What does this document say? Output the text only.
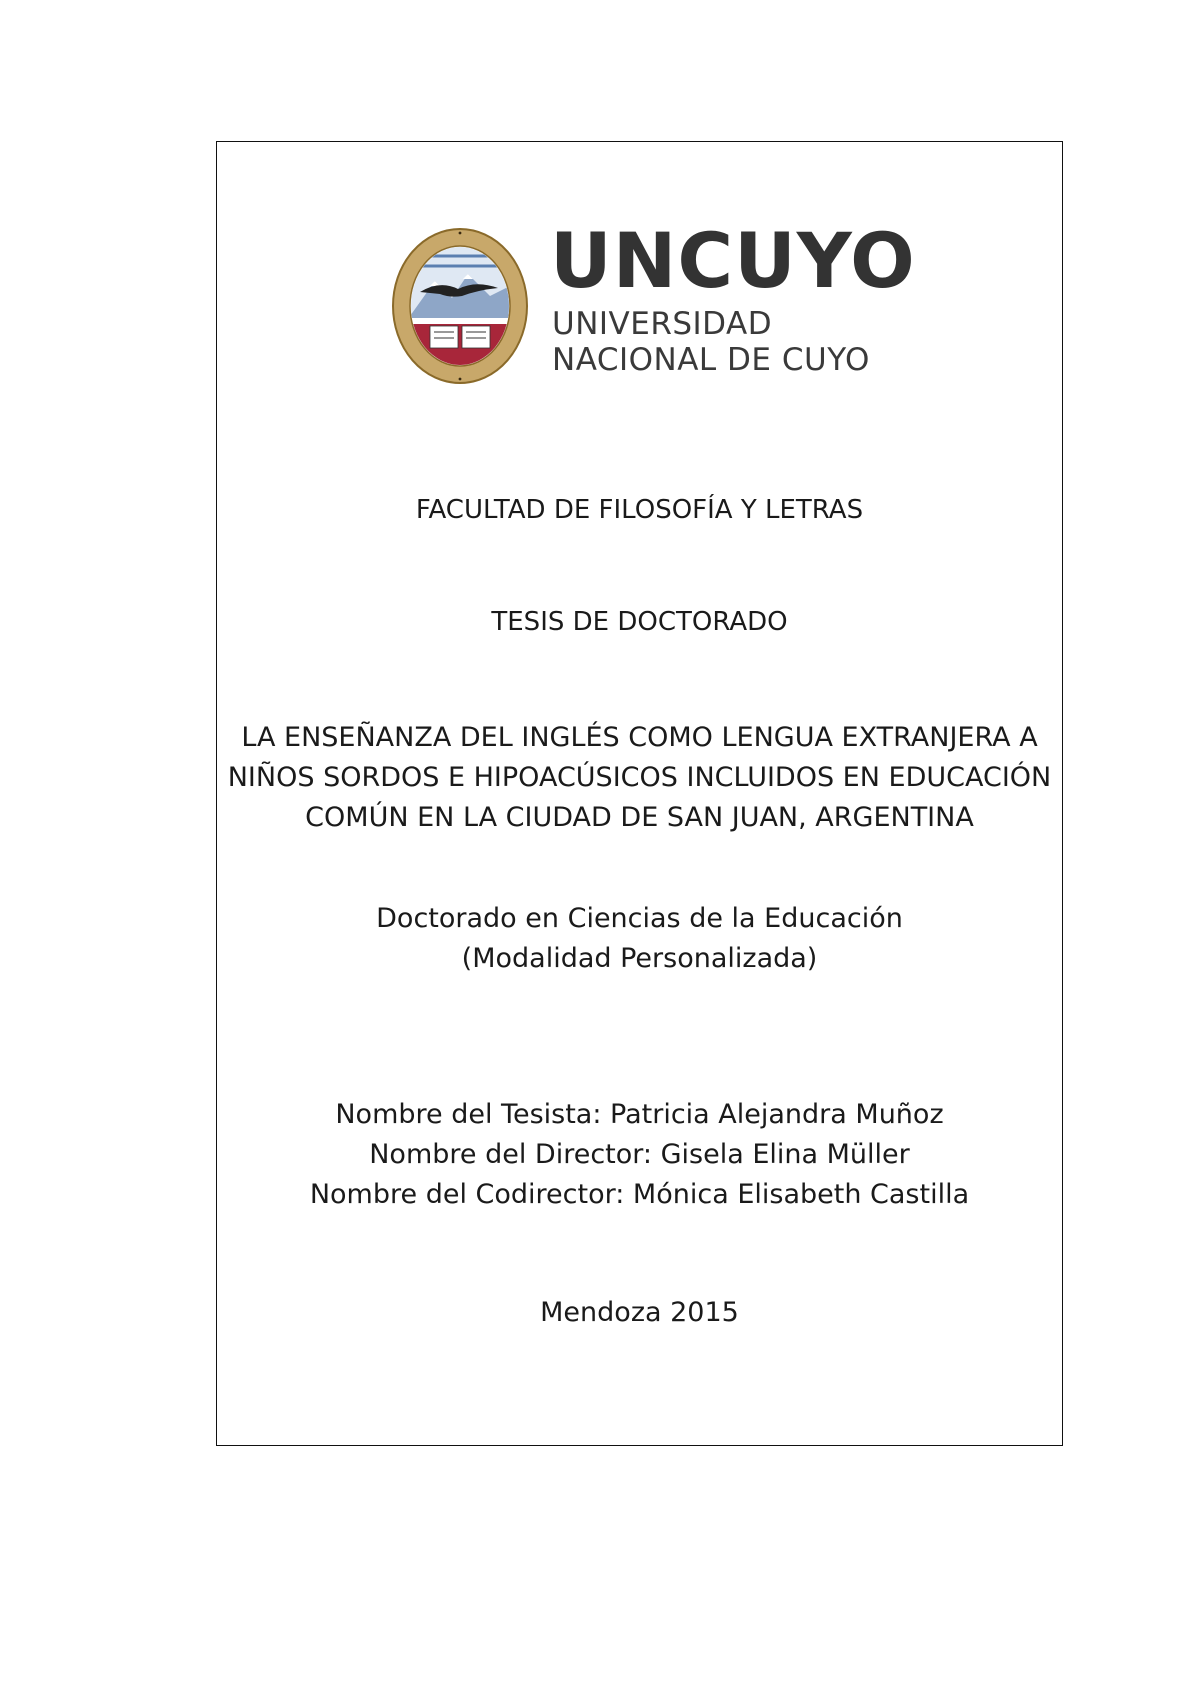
UNCUYO
UNIVERSIDAD
NACIONAL DE CUYO
FACULTAD DE FILOSOFÍA Y LETRAS
TESIS DE DOCTORADO
LA ENSEÑANZA DEL INGLÉS COMO LENGUA EXTRANJERA A
NIÑOS SORDOS E HIPOACÚSICOS INCLUIDOS EN EDUCACIÓN
COMÚN EN LA CIUDAD DE SAN JUAN, ARGENTINA
Doctorado en Ciencias de la Educación
(Modalidad Personalizada)
Nombre del Tesista: Patricia Alejandra Muñoz
Nombre del Director: Gisela Elina Müller
Nombre del Codirector: Mónica Elisabeth Castilla
Mendoza 2015
